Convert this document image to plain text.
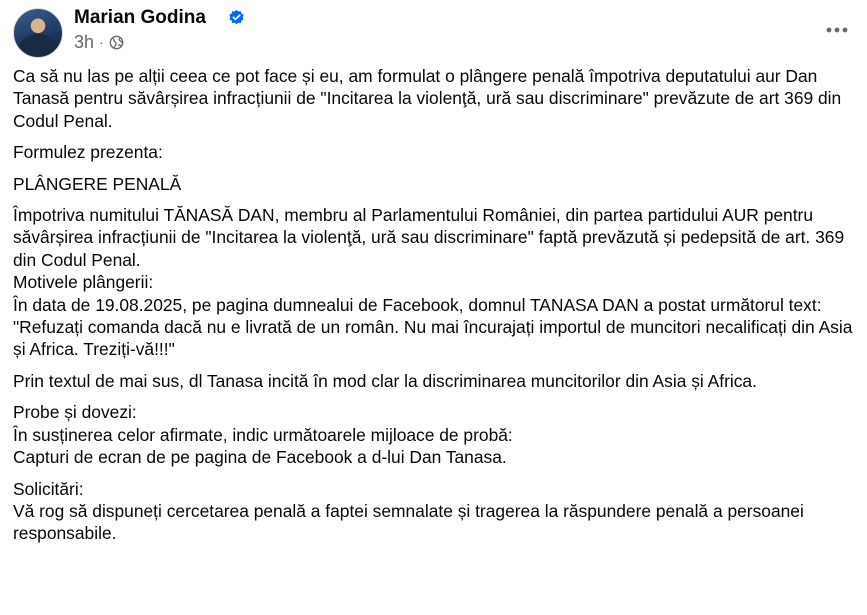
Marian Godina
3h ·

Ca să nu las pe alții ceea ce pot face și eu, am formulat o plângere penală împotriva deputatului aur Dan Tanasă pentru săvârșirea infracțiunii de "Incitarea la violenţă, ură sau discriminare" prevăzute de art 369 din Codul Penal.

Formulez prezenta:

PLÂNGERE PENALĂ

Împotriva numitului TĂNASĂ DAN, membru al Parlamentului României, din partea partidului AUR pentru săvârșirea infracțiunii de "Incitarea la violenţă, ură sau discriminare" faptă prevăzută și pedepsită de art. 369 din Codul Penal.
Motivele plângerii:
În data de 19.08.2025, pe pagina dumnealui de Facebook, domnul TANASA DAN a postat următorul text:
"Refuzați comanda dacă nu e livrată de un român. Nu mai încurajați importul de muncitori necalificați din Asia și Africa. Treziți-vă!!!"

Prin textul de mai sus, dl Tanasa incită în mod clar la discriminarea muncitorilor din Asia și Africa.

Probe și dovezi:
În susținerea celor afirmate, indic următoarele mijloace de probă:
Capturi de ecran de pe pagina de Facebook a d-lui Dan Tanasa.

Solicitări:
Vă rog să dispuneți cercetarea penală a faptei semnalate și tragerea la răspundere penală a persoanei responsabile.
